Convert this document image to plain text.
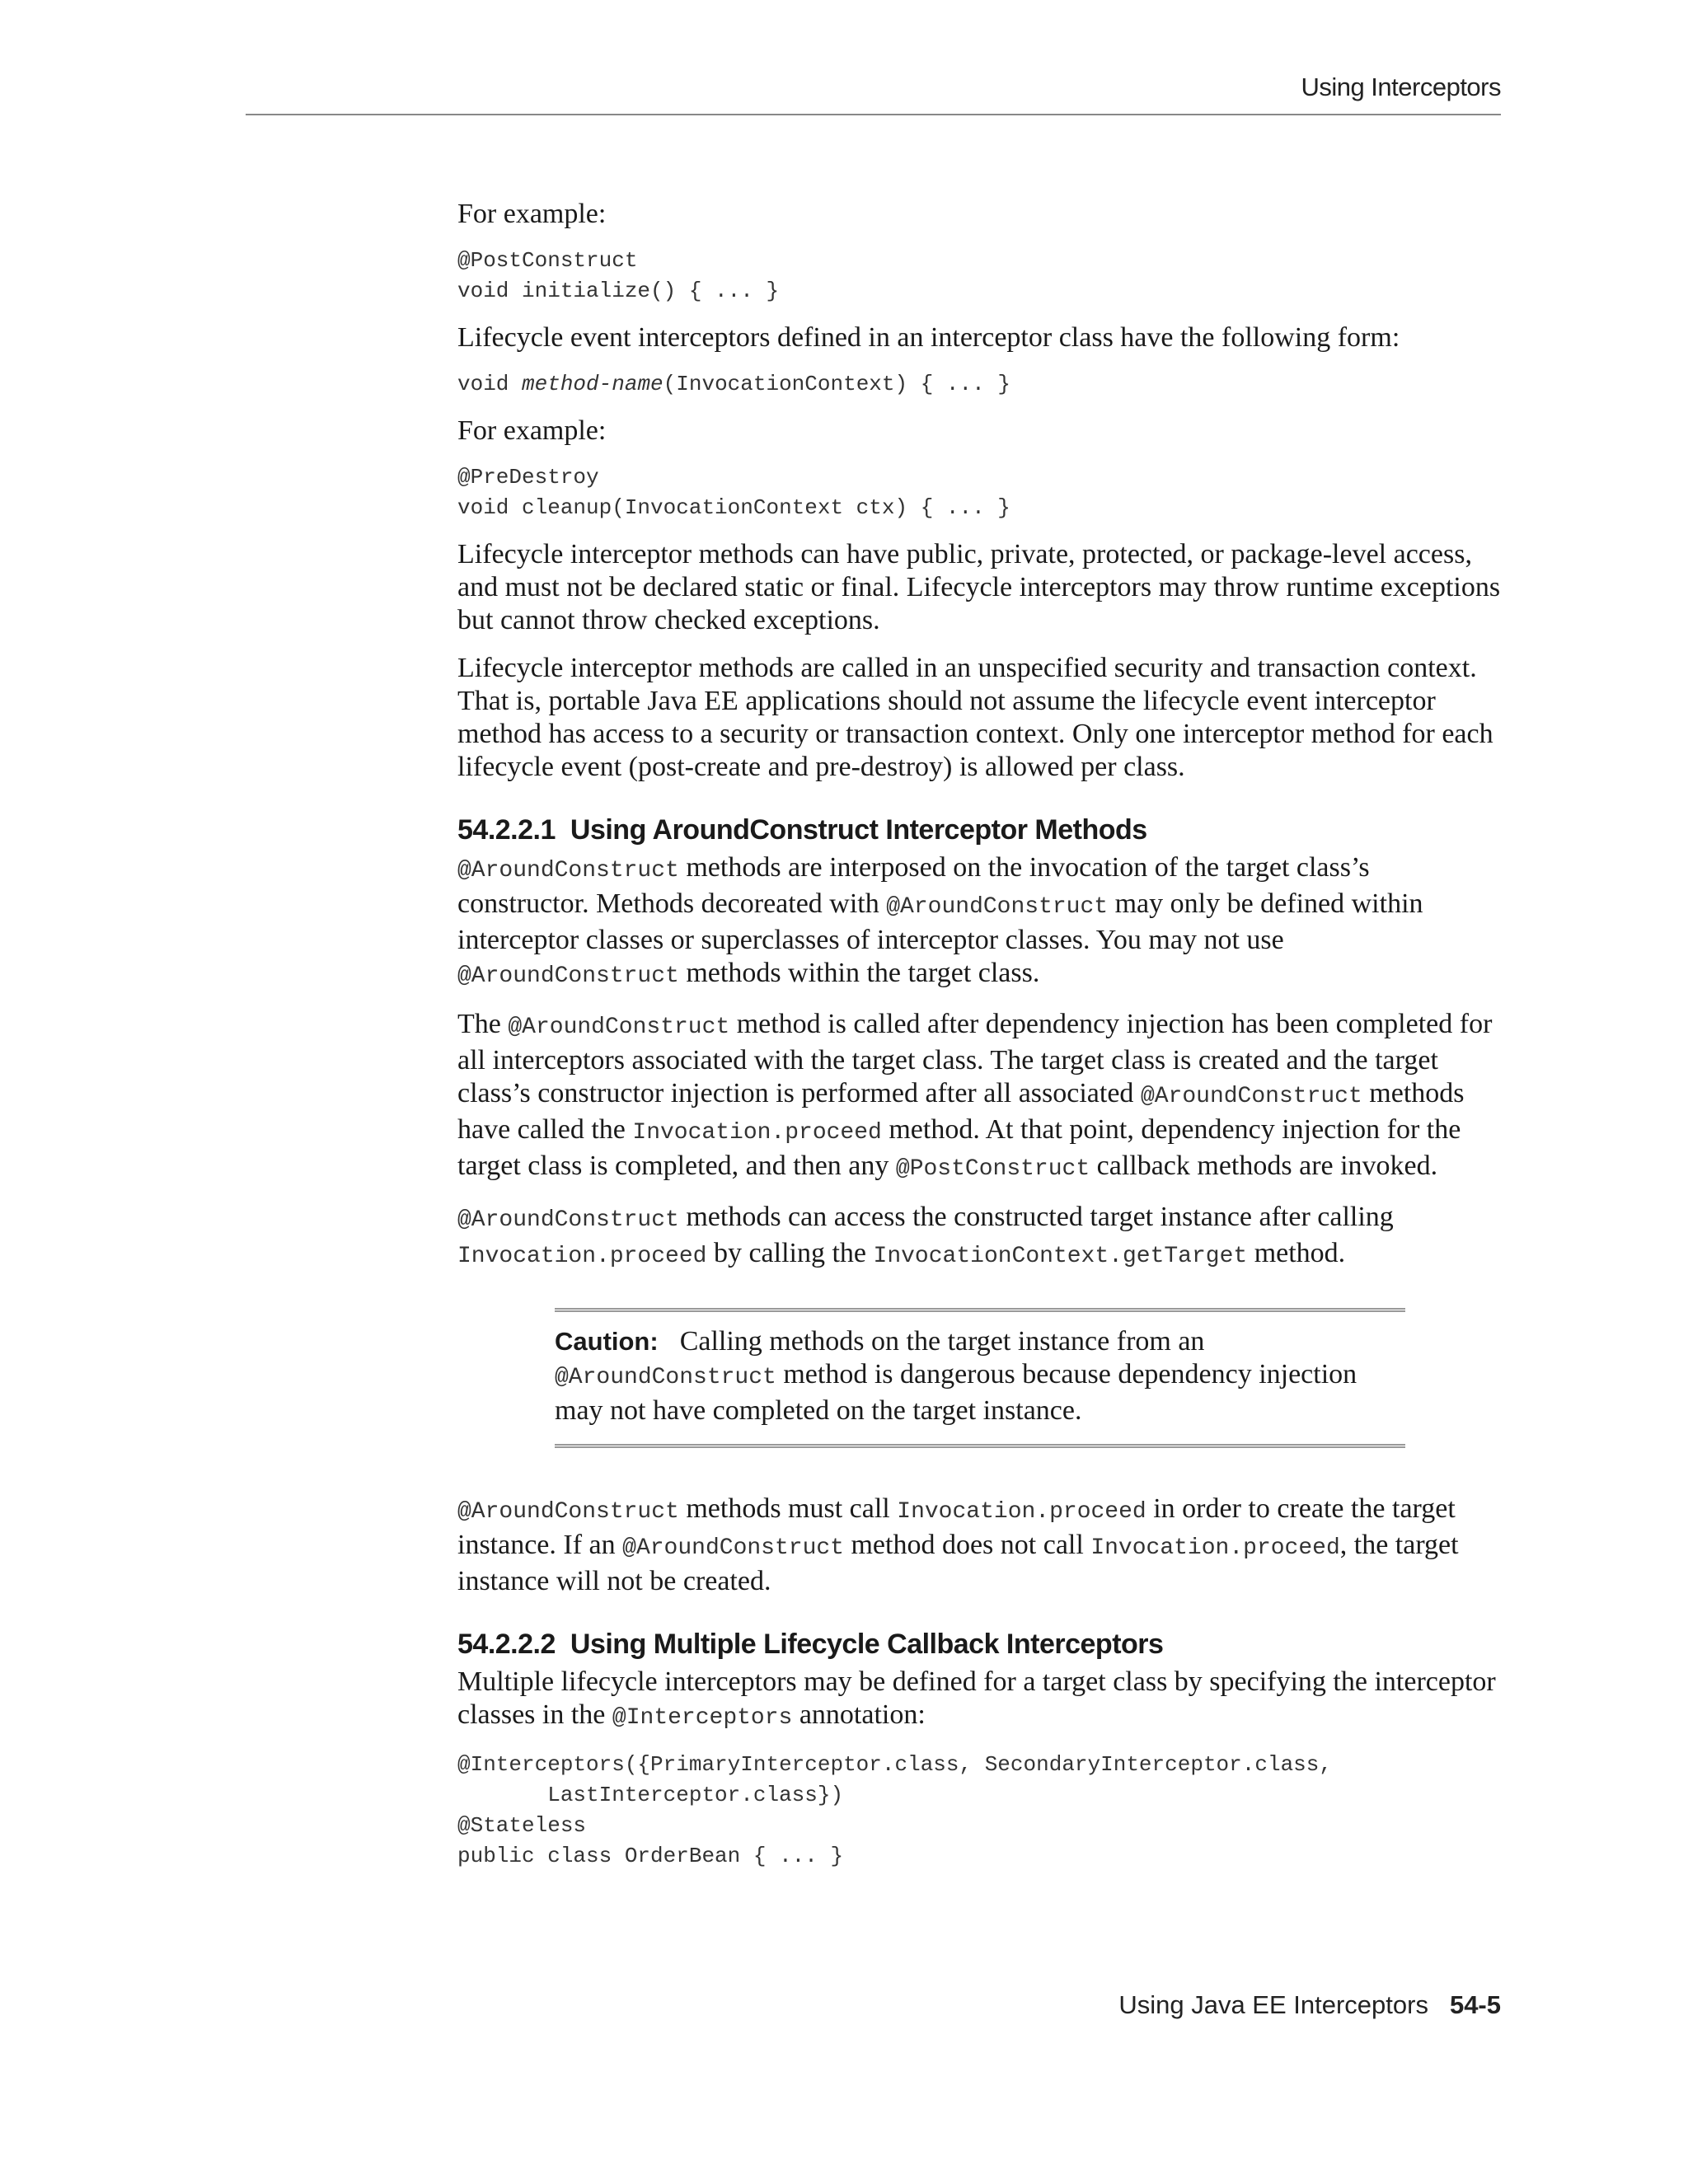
Using Interceptors

For example:

@PostConstruct
void initialize() { ... }

Lifecycle event interceptors defined in an interceptor class have the following form:

void method-name(InvocationContext) { ... }

For example:

@PreDestroy
void cleanup(InvocationContext ctx) { ... }

Lifecycle interceptor methods can have public, private, protected, or package-level access, and must not be declared static or final. Lifecycle interceptors may throw runtime exceptions but cannot throw checked exceptions.

Lifecycle interceptor methods are called in an unspecified security and transaction context. That is, portable Java EE applications should not assume the lifecycle event interceptor method has access to a security or transaction context. Only one interceptor method for each lifecycle event (post-create and pre-destroy) is allowed per class.

54.2.2.1 Using AroundConstruct Interceptor Methods

@AroundConstruct methods are interposed on the invocation of the target class’s constructor. Methods decoreated with @AroundConstruct may only be defined within interceptor classes or superclasses of interceptor classes. You may not use @AroundConstruct methods within the target class.

The @AroundConstruct method is called after dependency injection has been completed for all interceptors associated with the target class. The target class is created and the target class’s constructor injection is performed after all associated @AroundConstruct methods have called the Invocation.proceed method. At that point, dependency injection for the target class is completed, and then any @PostConstruct callback methods are invoked.

@AroundConstruct methods can access the constructed target instance after calling Invocation.proceed by calling the InvocationContext.getTarget method.

Caution: Calling methods on the target instance from an @AroundConstruct method is dangerous because dependency injection may not have completed on the target instance.

@AroundConstruct methods must call Invocation.proceed in order to create the target instance. If an @AroundConstruct method does not call Invocation.proceed, the target instance will not be created.

54.2.2.2 Using Multiple Lifecycle Callback Interceptors

Multiple lifecycle interceptors may be defined for a target class by specifying the interceptor classes in the @Interceptors annotation:

@Interceptors({PrimaryInterceptor.class, SecondaryInterceptor.class,
LastInterceptor.class})
@Stateless
public class OrderBean { ... }
Using Java EE Interceptors 54-5
